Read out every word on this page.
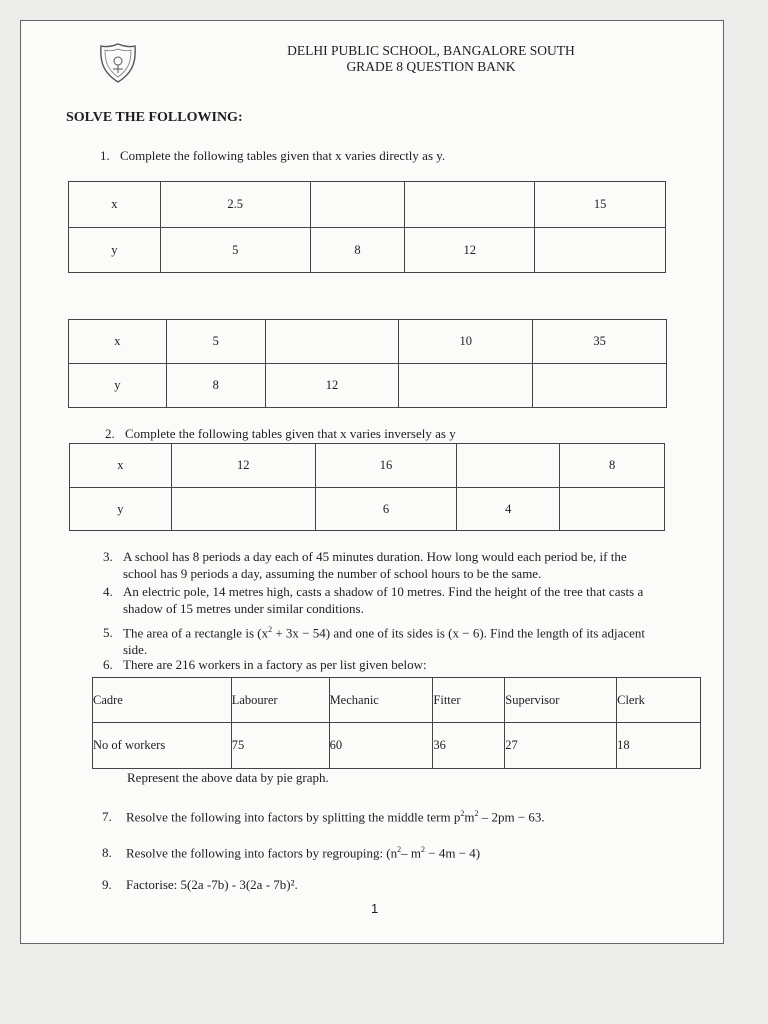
DELHI PUBLIC SCHOOL, BANGALORE SOUTH
GRADE 8 QUESTION BANK
SOLVE THE FOLLOWING:
1. Complete the following tables given that x varies directly as y.
x	2.5			15
y	5	8	12	
x	5		10	35
y	8	12		
2. Complete the following tables given that x varies inversely as y
x	12	16		8
y		6	4	
3. A school has 8 periods a day each of 45 minutes duration. How long would each period be, if the
school has 9 periods a day, assuming the number of school hours to be the same.
4. An electric pole, 14 metres high, casts a shadow of 10 metres. Find the height of the tree that casts a
shadow of 15 metres under similar conditions.
5. The area of a rectangle is $(x^2 + 3x - 54)$ and one of its sides is (x − 6). Find the length of its adjacent
side.
6. There are 216 workers in a factory as per list given below:
Cadre	Labourer	Mechanic	Fitter	Supervisor	Clerk
No of workers	75	60	36	27	18
Represent the above data by pie graph.
7. Resolve the following into factors by splitting the middle term $p^2m^2 - 2pm - 63$.
8. Resolve the following into factors by regrouping: ($n^2-$ $m^2 - 4m - 4$)
9. Factorise: 5(2a -7b) - 3(2a - 7b)².
1
